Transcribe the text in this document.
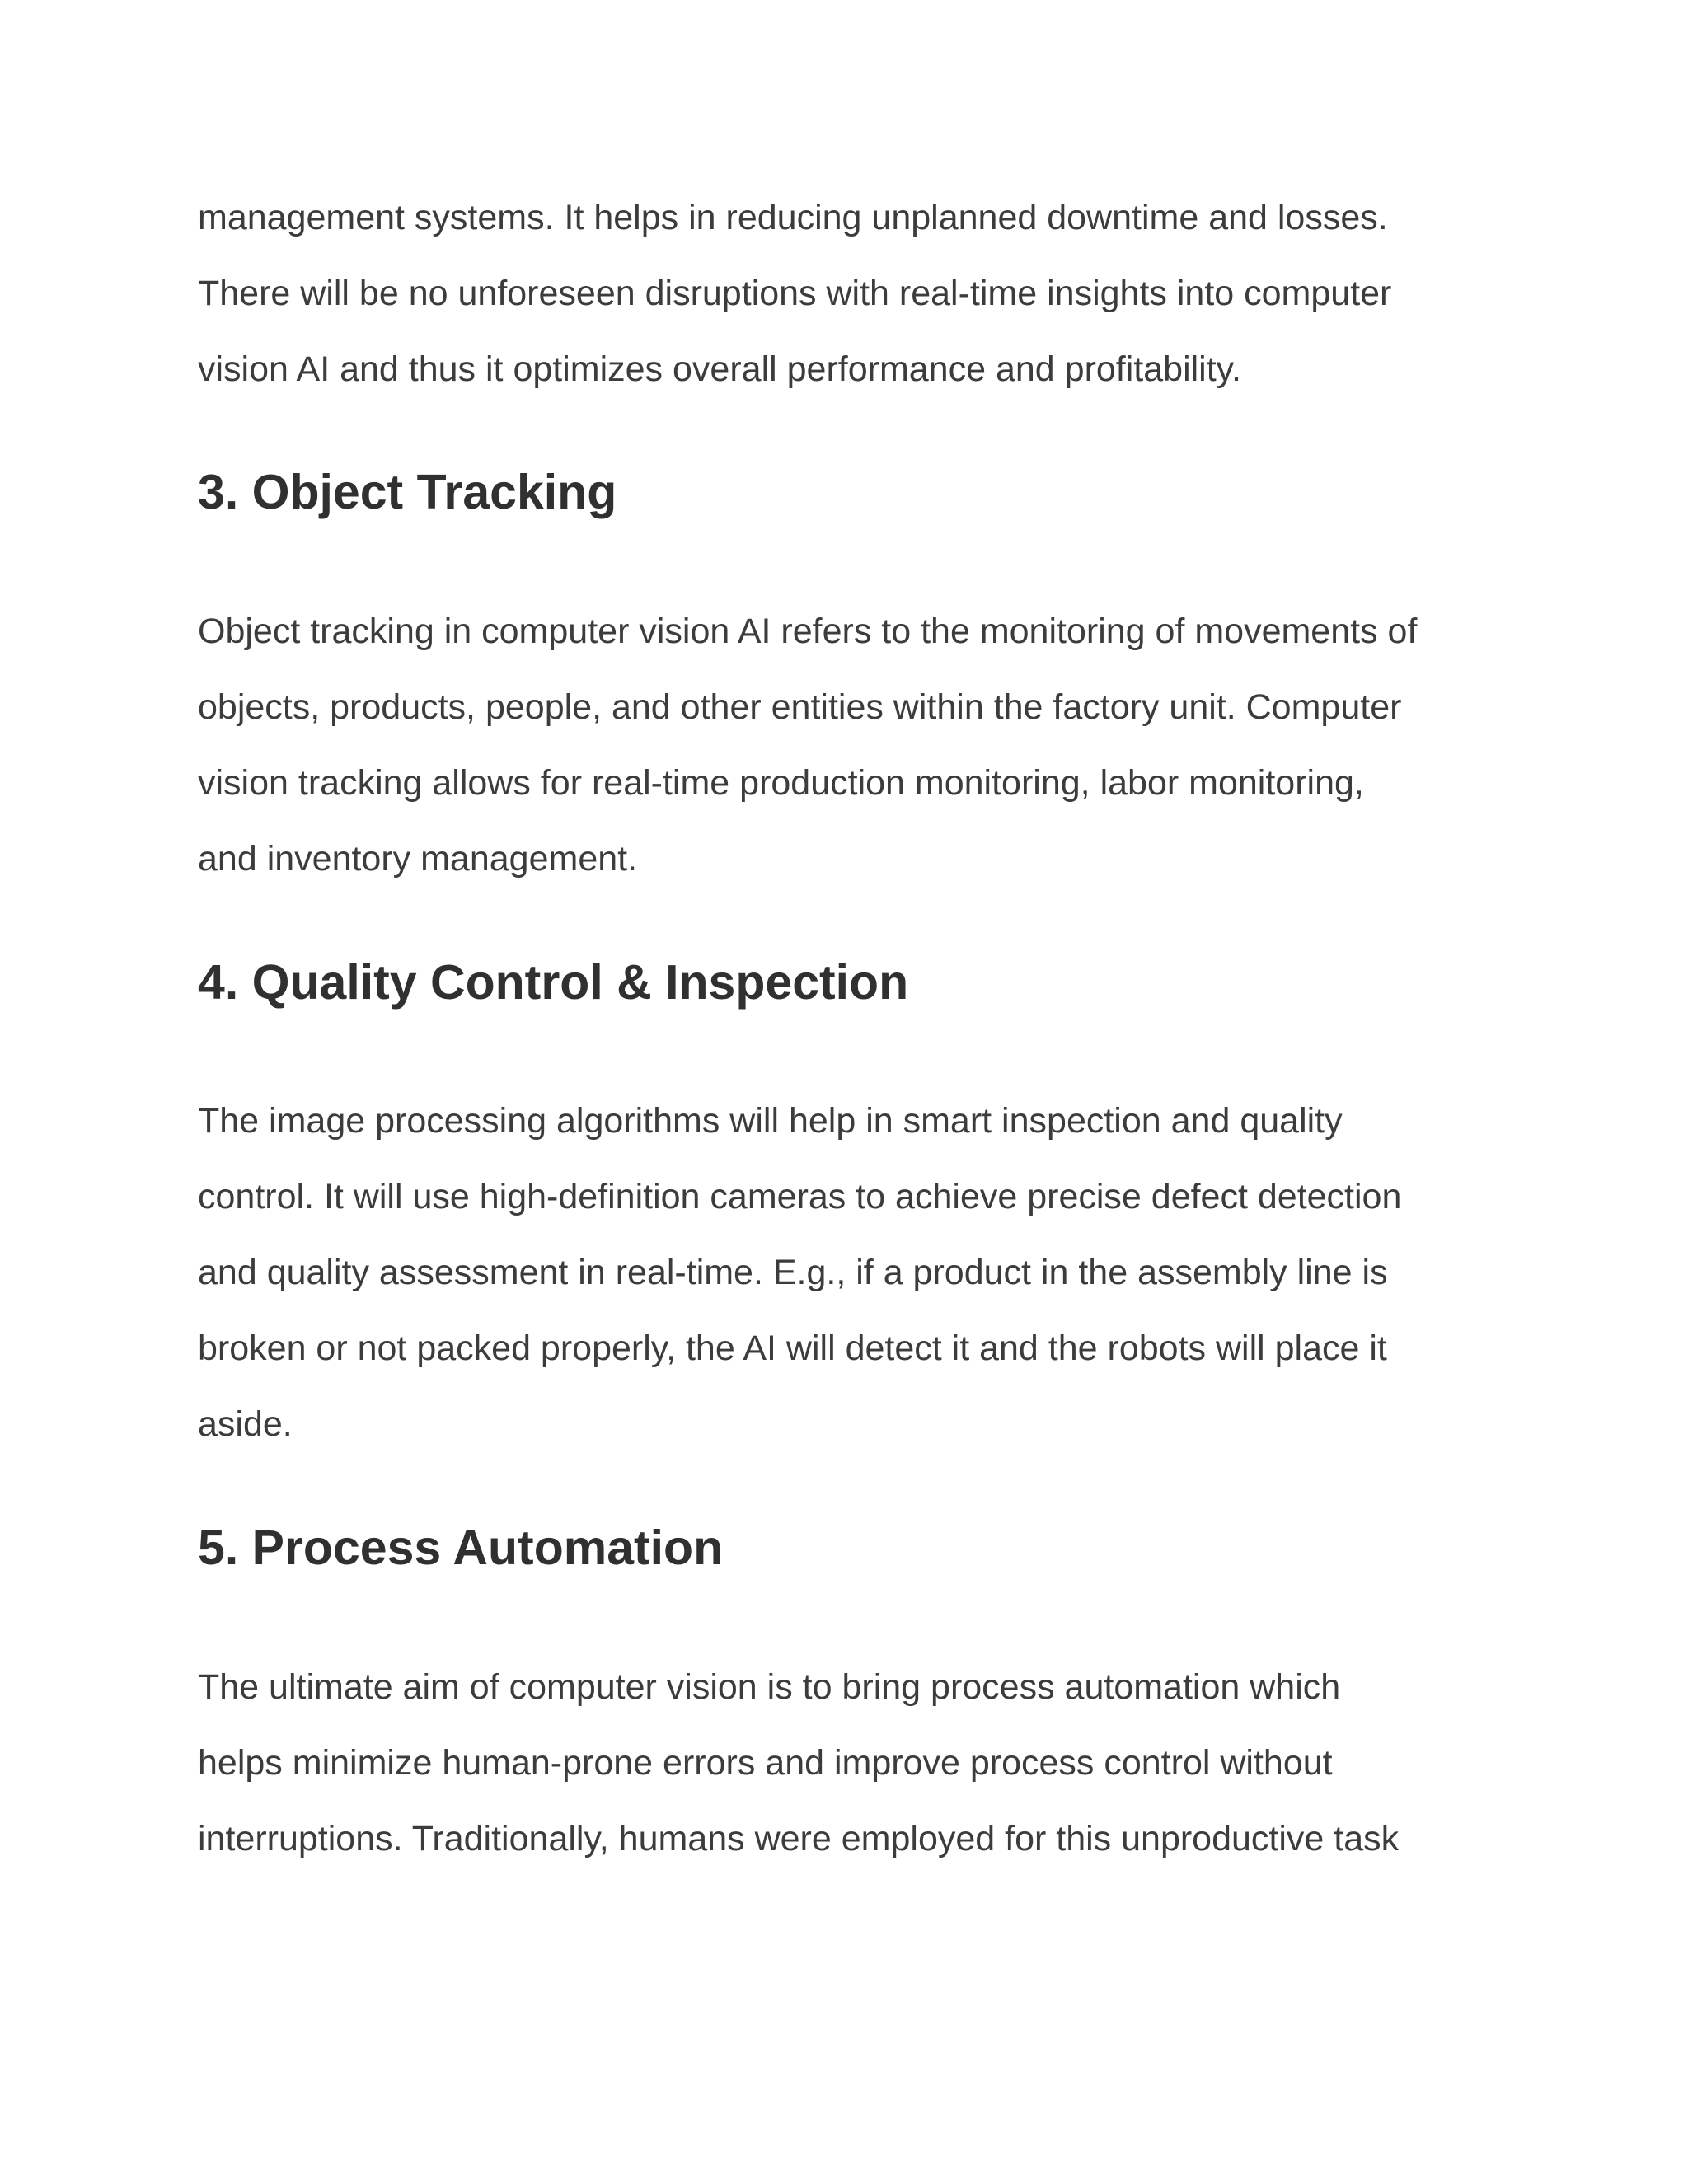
management systems. It helps in reducing unplanned downtime and losses.

There will be no unforeseen disruptions with real-time insights into computer

vision AI and thus it optimizes overall performance and profitability.

3. Object Tracking

Object tracking in computer vision AI refers to the monitoring of movements of

objects, products, people, and other entities within the factory unit. Computer

vision tracking allows for real-time production monitoring, labor monitoring,

and inventory management.

4. Quality Control & Inspection

The image processing algorithms will help in smart inspection and quality

control. It will use high-definition cameras to achieve precise defect detection

and quality assessment in real-time. E.g., if a product in the assembly line is

broken or not packed properly, the AI will detect it and the robots will place it

aside.

5. Process Automation

The ultimate aim of computer vision is to bring process automation which

helps minimize human-prone errors and improve process control without

interruptions. Traditionally, humans were employed for this unproductive task
